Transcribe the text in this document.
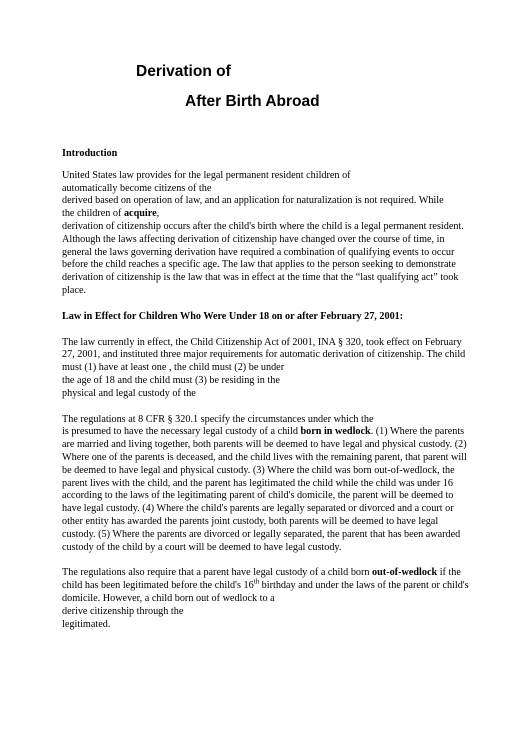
Derivation of
After Birth Abroad

Introduction

United States law provides for the legal permanent resident children of
automatically become citizens of the
derived based on operation of law, and an application for naturalization is not required. While
the children of acquire,
derivation of citizenship occurs after the child's birth where the child is a legal permanent resident. Although the laws affecting derivation of citizenship have changed over the course of time, in general the laws governing derivation have required a combination of qualifying events to occur before the child reaches a specific age. The law that applies to the person seeking to demonstrate derivation of citizenship is the law that was in effect at the time that the “last qualifying act” took place.

Law in Effect for Children Who Were Under 18 on or after February 27, 2001:

The law currently in effect, the Child Citizenship Act of 2001, INA § 320, took effect on February 27, 2001, and instituted three major requirements for automatic derivation of citizenship. The child must (1) have at least one , the child must (2) be under
the age of 18 and the child must (3) be residing in the
physical and legal custody of the
The regulations at 8 CFR § 320.1 specify the circumstances under which the
is presumed to have the necessary legal custody of a child born in wedlock. (1) Where the parents are married and living together, both parents will be deemed to have legal and physical custody. (2) Where one of the parents is deceased, and the child lives with the remaining parent, that parent will be deemed to have legal and physical custody. (3) Where the child was born out-of-wedlock, the parent lives with the child, and the parent has legitimated the child while the child was under 16 according to the laws of the legitimating parent of child's domicile, the parent will be deemed to have legal custody. (4) Where the child's parents are legally separated or divorced and a court or other entity has awarded the parents joint custody, both parents will be deemed to have legal custody. (5) Where the parents are divorced or legally separated, the parent that has been awarded custody of the child by a court will be deemed to have legal custody.
The regulations also require that a parent have legal custody of a child born out-of-wedlock if the child has been legitimated before the child's 16th birthday and under the laws of the parent or child's domicile. However, a child born out of wedlock to a
derive citizenship through the
legitimated.
